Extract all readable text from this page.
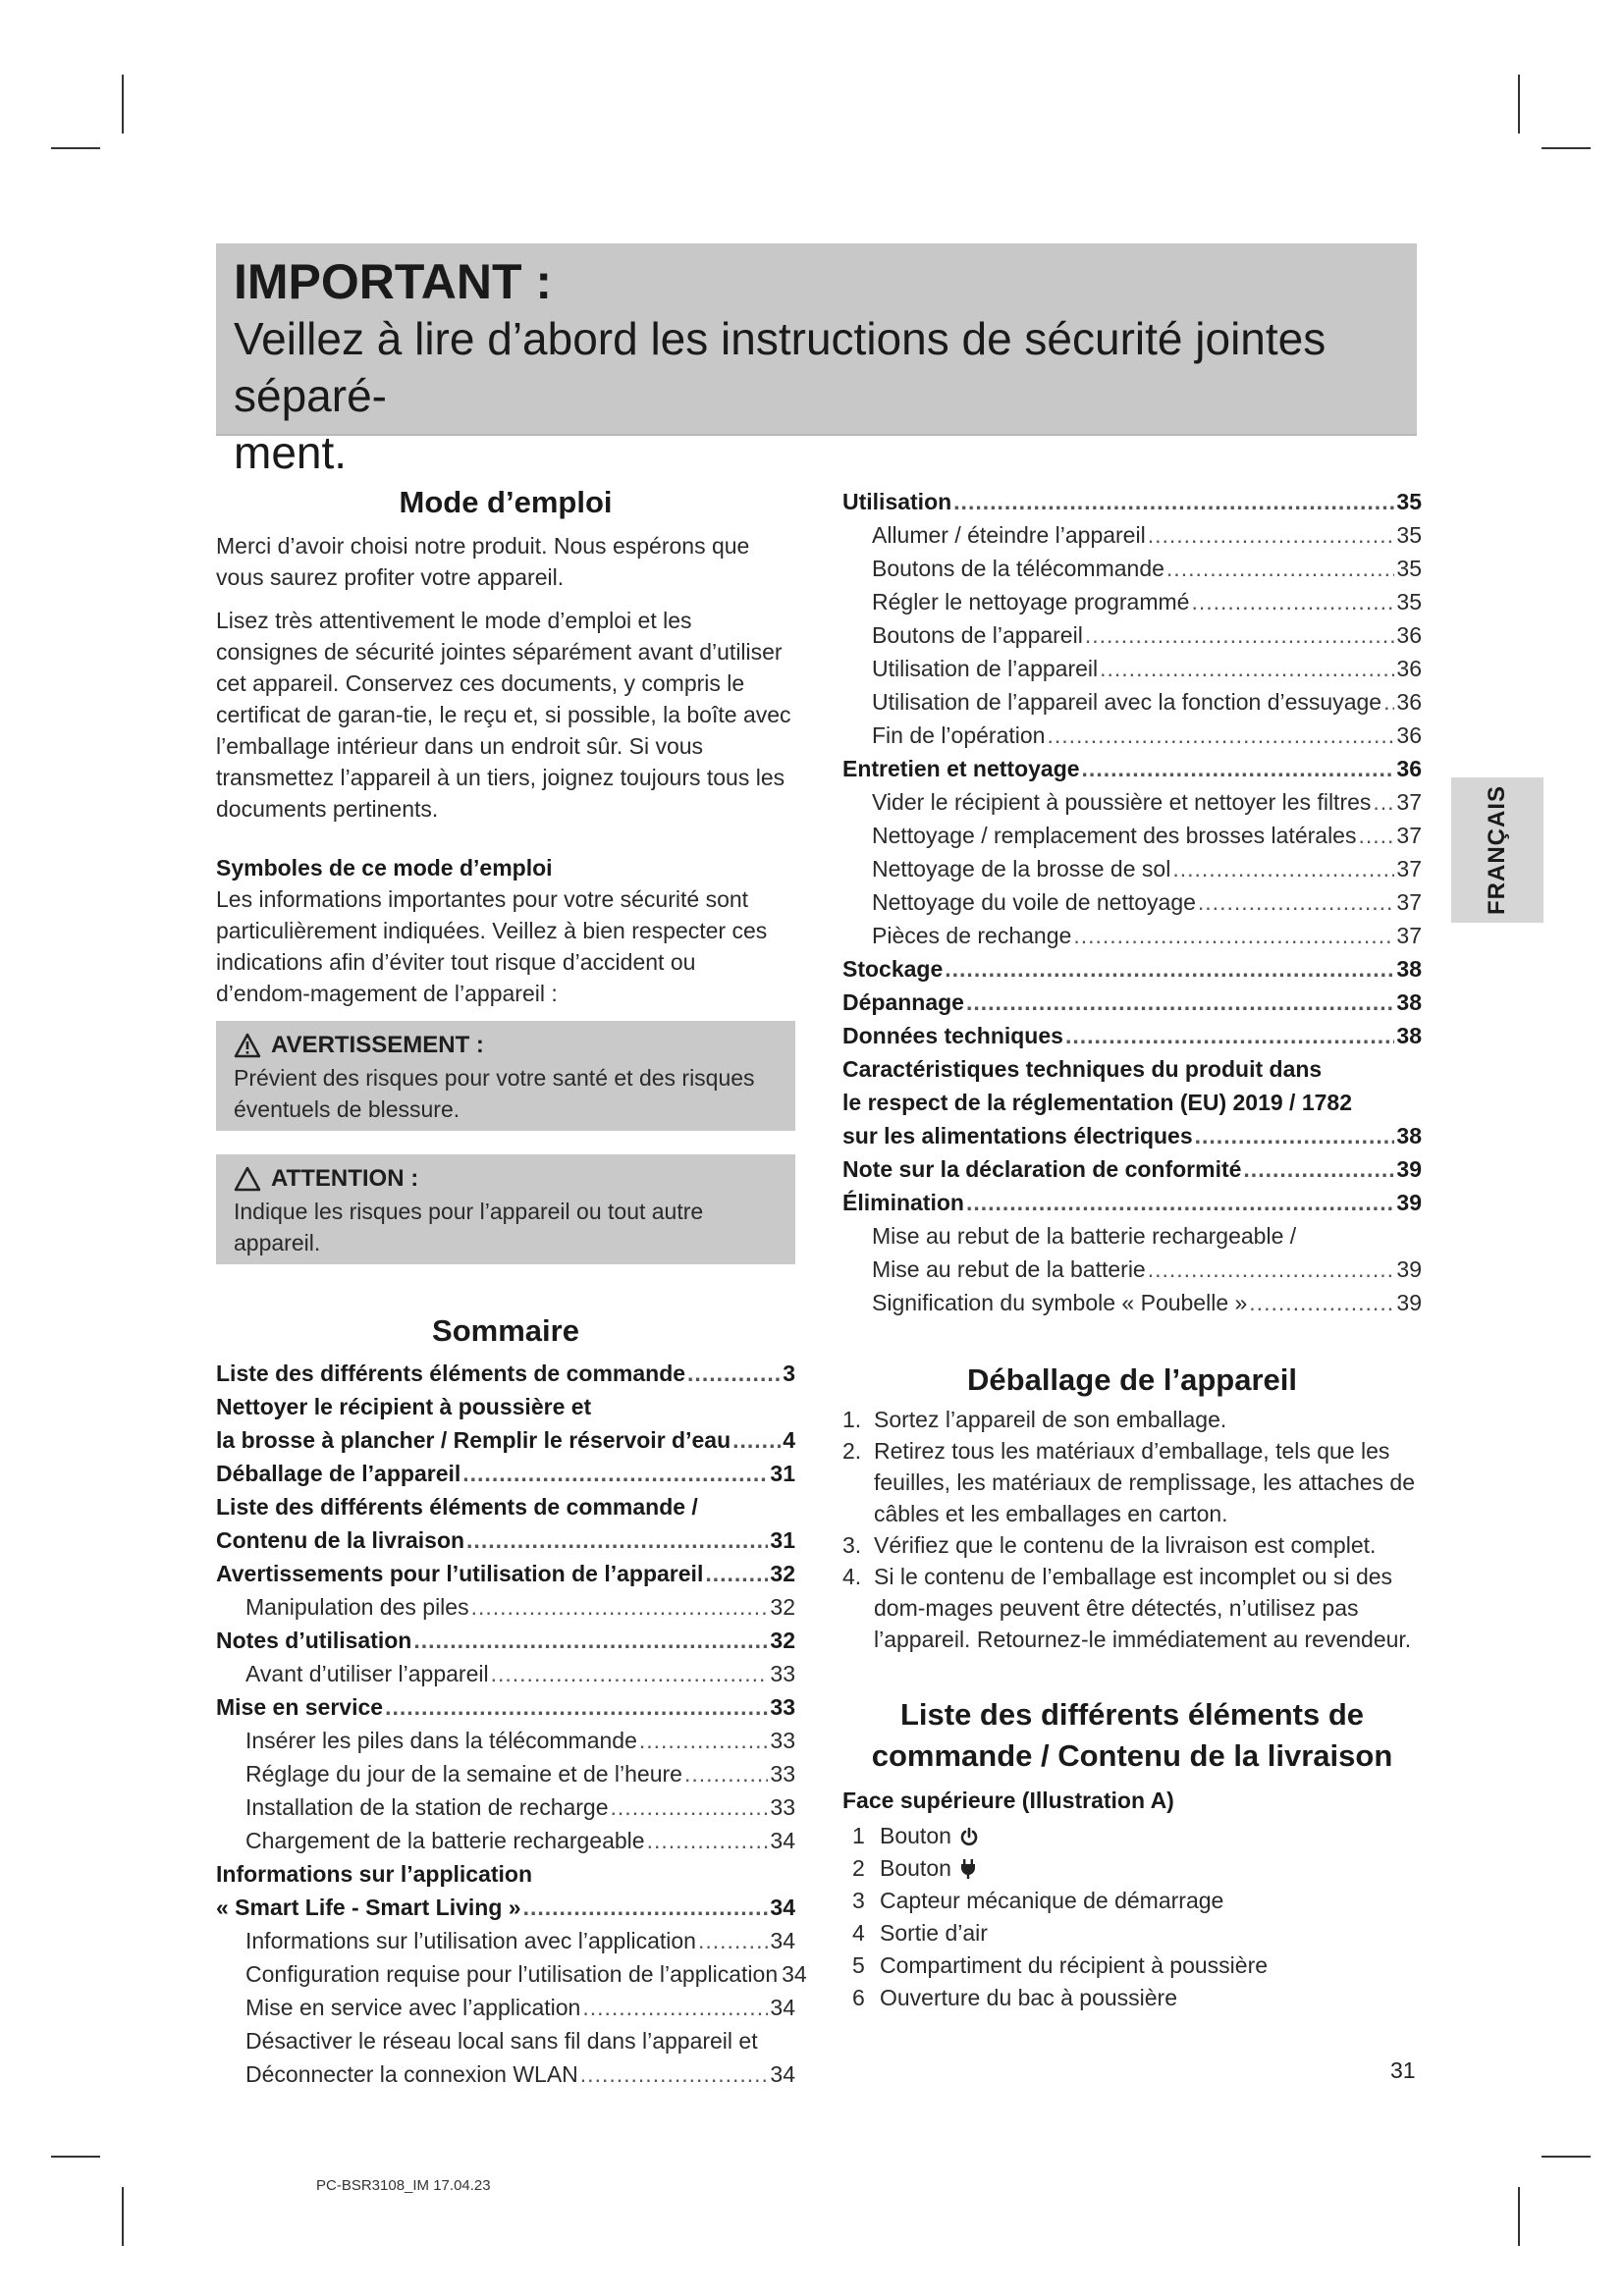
IMPORTANT :
Veillez à lire d’abord les instructions de sécurité jointes séparé-
ment.
Mode d’emploi

Merci d’avoir choisi notre produit. Nous espérons que vous saurez profiter votre appareil.

Lisez très attentivement le mode d’emploi et les consignes de sécurité jointes séparément avant d’utiliser cet appareil. Conservez ces documents, y compris le certificat de garan-tie, le reçu et, si possible, la boîte avec l’emballage intérieur dans un endroit sûr. Si vous transmettez l’appareil à un tiers, joignez toujours tous les documents pertinents.

Symboles de ce mode d’emploi

Les informations importantes pour votre sécurité sont particulièrement indiquées. Veillez à bien respecter ces indications afin d’éviter tout risque d’accident ou d’endom-magement de l’appareil :

AVERTISSEMENT :
Prévient des risques pour votre santé et des risques éventuels de blessure.
ATTENTION :
Indique les risques pour l’appareil ou tout autre appareil.
Sommaire
Liste des différents éléments de commande .....	3
Nettoyer le récipient à poussière et
la brosse à plancher / Remplir le réservoir d’eau ..... 4
Déballage de l’appareil .....	31
Liste des différents éléments de commande /
Contenu de la livraison .....	31
Avertissements pour l’utilisation de l’appareil .....	32
Manipulation des piles .....	32
Notes d’utilisation .....	32
Avant d’utiliser l’appareil .....	33
Mise en service .....	33
Insérer les piles dans la télécommande .....	33
Réglage du jour de la semaine et de l’heure .....	33
Installation de la station de recharge .....	33
Chargement de la batterie rechargeable .....	34
Informations sur l’application
« Smart Life - Smart Living » .....	34
Informations sur l’utilisation avec l’application .....	34
Configuration requise pour l’utilisation de l’application 34
Mise en service avec l’application .....	34
Désactiver le réseau local sans fil dans l’appareil et
Déconnecter la connexion WLAN .....	34
Utilisation .....	35
Allumer / éteindre l’appareil .....	35
Boutons de la télécommande .....	35
Régler le nettoyage programmé .....	35
Boutons de l’appareil .....	36
Utilisation de l’appareil .....	36
Utilisation de l’appareil avec la fonction d’essuyage ..... 36
Fin de l’opération .....	36
Entretien et nettoyage .....	36
Vider le récipient à poussière et nettoyer les filtres ..... 37
Nettoyage / remplacement des brosses latérales ..... 37
Nettoyage de la brosse de sol .....	37
Nettoyage du voile de nettoyage .....	37
Pièces de rechange .....	37
Stockage .....	38
Dépannage .....	38
Données techniques .....	38
Caractéristiques techniques du produit dans
le respect de la réglementation (EU) 2019 / 1782
sur les alimentations électriques .....	38
Note sur la déclaration de conformité .....	39
Élimination .....	39
Mise au rebut de la batterie rechargeable /
Mise au rebut de la batterie .....	39
Signification du symbole « Poubelle » .....	39
Déballage de l’appareil
1. Sortez l’appareil de son emballage.
2. Retirez tous les matériaux d’emballage, tels que les feuilles, les matériaux de remplissage, les attaches de câbles et les emballages en carton.
3. Vérifiez que le contenu de la livraison est complet.
4. Si le contenu de l’emballage est incomplet ou si des dom-mages peuvent être détectés, n’utilisez pas l’appareil. Retournez-le immédiatement au revendeur.
Liste des différents éléments de
commande / Contenu de la livraison
Face supérieure (Illustration A)
1 Bouton
2 Bouton
3 Capteur mécanique de démarrage
4 Sortie d’air
5 Compartiment du récipient à poussière
6 Ouverture du bac à poussière
FRANÇAIS
31
PC-BSR3108_IM 17.04.23
